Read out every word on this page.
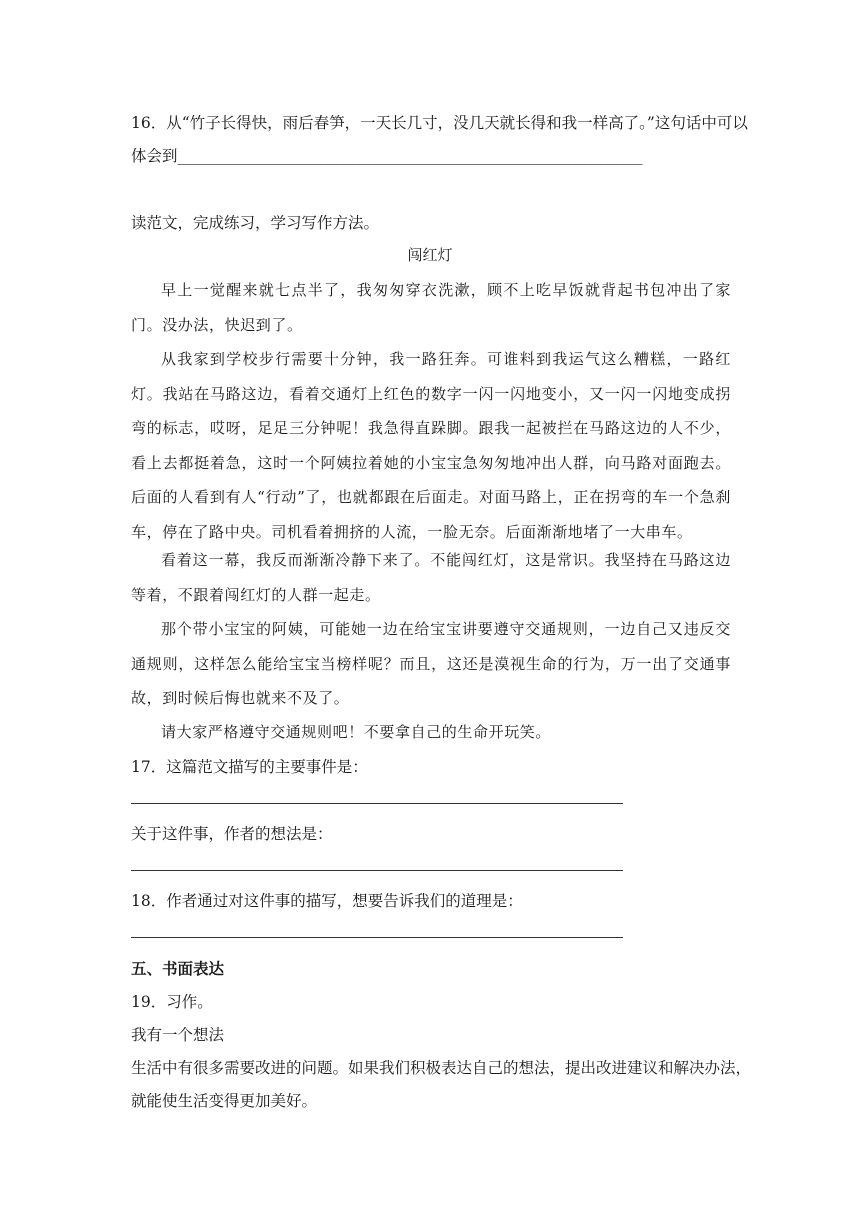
16．从“竹子长得快，雨后春笋，一天长几寸，没几天就长得和我一样高了。”这句话中可以
体会到____________________________________________________________
读范文，完成练习，学习写作方法。
闯红灯
早上一觉醒来就七点半了，我匆匆穿衣洗漱，顾不上吃早饭就背起书包冲出了家门。没办法，快迟到了。
从我家到学校步行需要十分钟，我一路狂奔。可谁料到我运气这么糟糕，一路红灯。我站在马路这边，看着交通灯上红色的数字一闪一闪地变小，又一闪一闪地变成拐弯的标志，哎呀，足足三分钟呢！我急得直跺脚。跟我一起被拦在马路这边的人不少，看上去都挺着急，这时一个阿姨拉着她的小宝宝急匆匆地冲出人群，向马路对面跑去。后面的人看到有人“行动”了，也就都跟在后面走。对面马路上，正在拐弯的车一个急刹车，停在了路中央。司机看着拥挤的人流，一脸无奈。后面渐渐地堵了一大串车。
看着这一幕，我反而渐渐冷静下来了。不能闯红灯，这是常识。我坚持在马路这边等着，不跟着闯红灯的人群一起走。
那个带小宝宝的阿姨，可能她一边在给宝宝讲要遵守交通规则，一边自己又违反交通规则，这样怎么能给宝宝当榜样呢？而且，这还是漠视生命的行为，万一出了交通事故，到时候后悔也就来不及了。
请大家严格遵守交通规则吧！不要拿自己的生命开玩笑。
17．这篇范文描写的主要事件是：
关于这件事，作者的想法是：
18．作者通过对这件事的描写，想要告诉我们的道理是：
五、书面表达
19．习作。
我有一个想法
生活中有很多需要改进的问题。如果我们积极表达自己的想法，提出改进建议和解决办法，
就能使生活变得更加美好。
